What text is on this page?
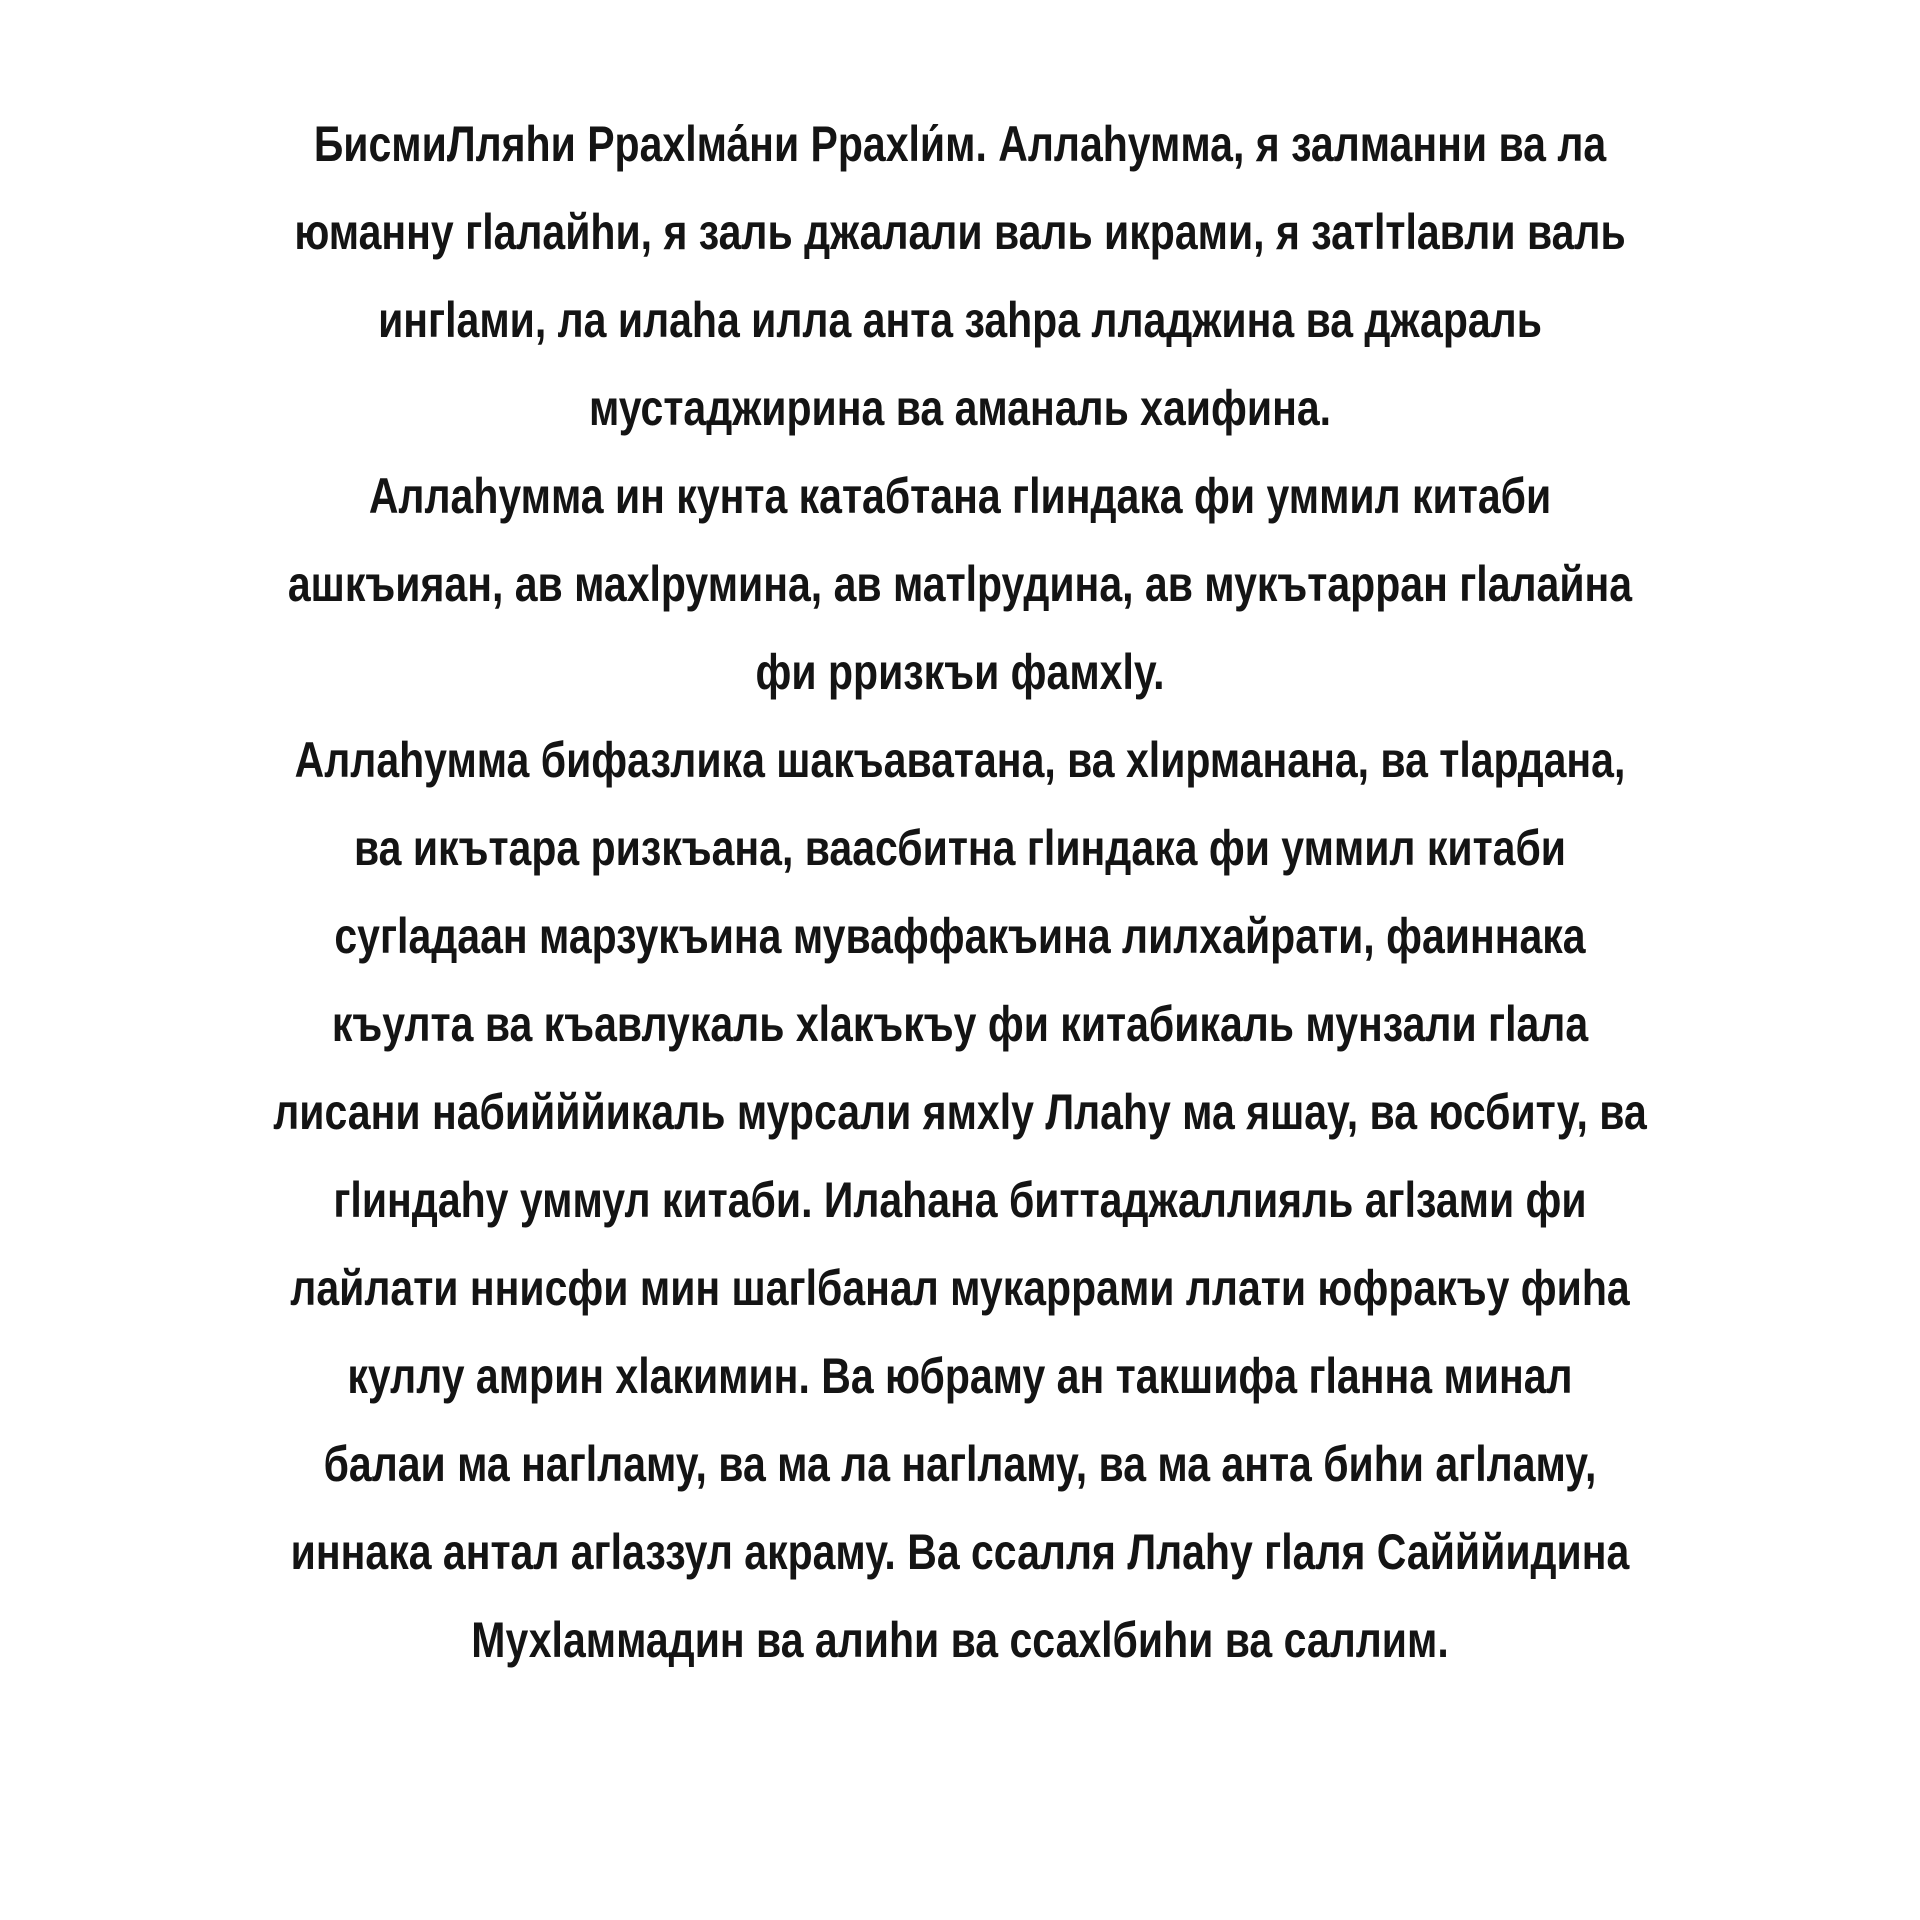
БисмиЛляһи Рраxlма́ни Рраxlи́м. Аллаһумма, я залманни ва ла
юманну гlалайһи, я заль джалали валь икрами, я затlтlавли валь
ингlами, ла илаһа илла анта заһра лладжина ва джараль
мустаджирина ва аманаль хаифина.
Аллаһумма ин кунта катабтана гlиндака фи уммил китаби
ашкъияан, ав махlрумина, ав матlрудина, ав мукътарран гlалайна
фи рризкъи фамхlу.
Аллаһумма бифазлика шакъаватана, ва хlирманана, ва тlардана,
ва икътара ризкъана, ваасбитна гlиндака фи уммил китаби
сугlадаан марзукъина муваффакъина лилхайрати, фаиннака
къулта ва къавлукаль хlакъкъу фи китабикаль мунзали гlала
лисани набийййикаль мурсали ямхlу Ллаһу ма яшау, ва юсбиту, ва
гlиндаһу уммул китаби. Илаһана биттаджаллияль агlзами фи
лайлати ннисфи мин шагlбанал мукаррами ллати юфракъу фиһа
куллу амрин хlакимин. Ва юбраму ан такшифа гlанна минал
балаи ма нагlламу, ва ма ла нагlламу, ва ма анта биһи агlламу,
иннака антал агlаззул акраму. Ва ссалля Ллаһу гlаля Сайййидина
Мухlаммадин ва алиһи ва ссахlбиһи ва саллим.
